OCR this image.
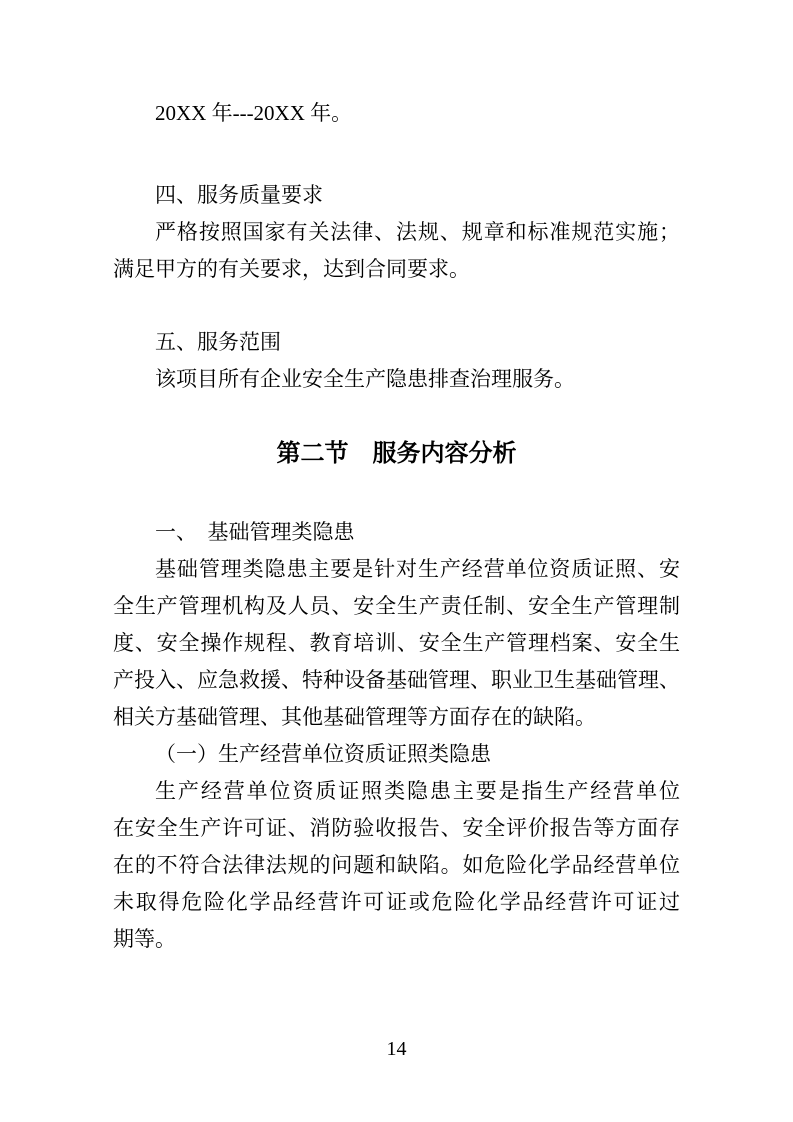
20XX 年---20XX 年。
四、服务质量要求
严格按照国家有关法律、法规、规章和标准规范实施；
满足甲方的有关要求，达到合同要求。
五、服务范围
该项目所有企业安全生产隐患排查治理服务。
第二节　服务内容分析
一、　基础管理类隐患
基础管理类隐患主要是针对生产经营单位资质证照、安
全生产管理机构及人员、安全生产责任制、安全生产管理制
度、安全操作规程、教育培训、安全生产管理档案、安全生
产投入、应急救援、特种设备基础管理、职业卫生基础管理、
相关方基础管理、其他基础管理等方面存在的缺陷。
（一）生产经营单位资质证照类隐患
生产经营单位资质证照类隐患主要是指生产经营单位
在安全生产许可证、消防验收报告、安全评价报告等方面存
在的不符合法律法规的问题和缺陷。如危险化学品经营单位
未取得危险化学品经营许可证或危险化学品经营许可证过
期等。
14
